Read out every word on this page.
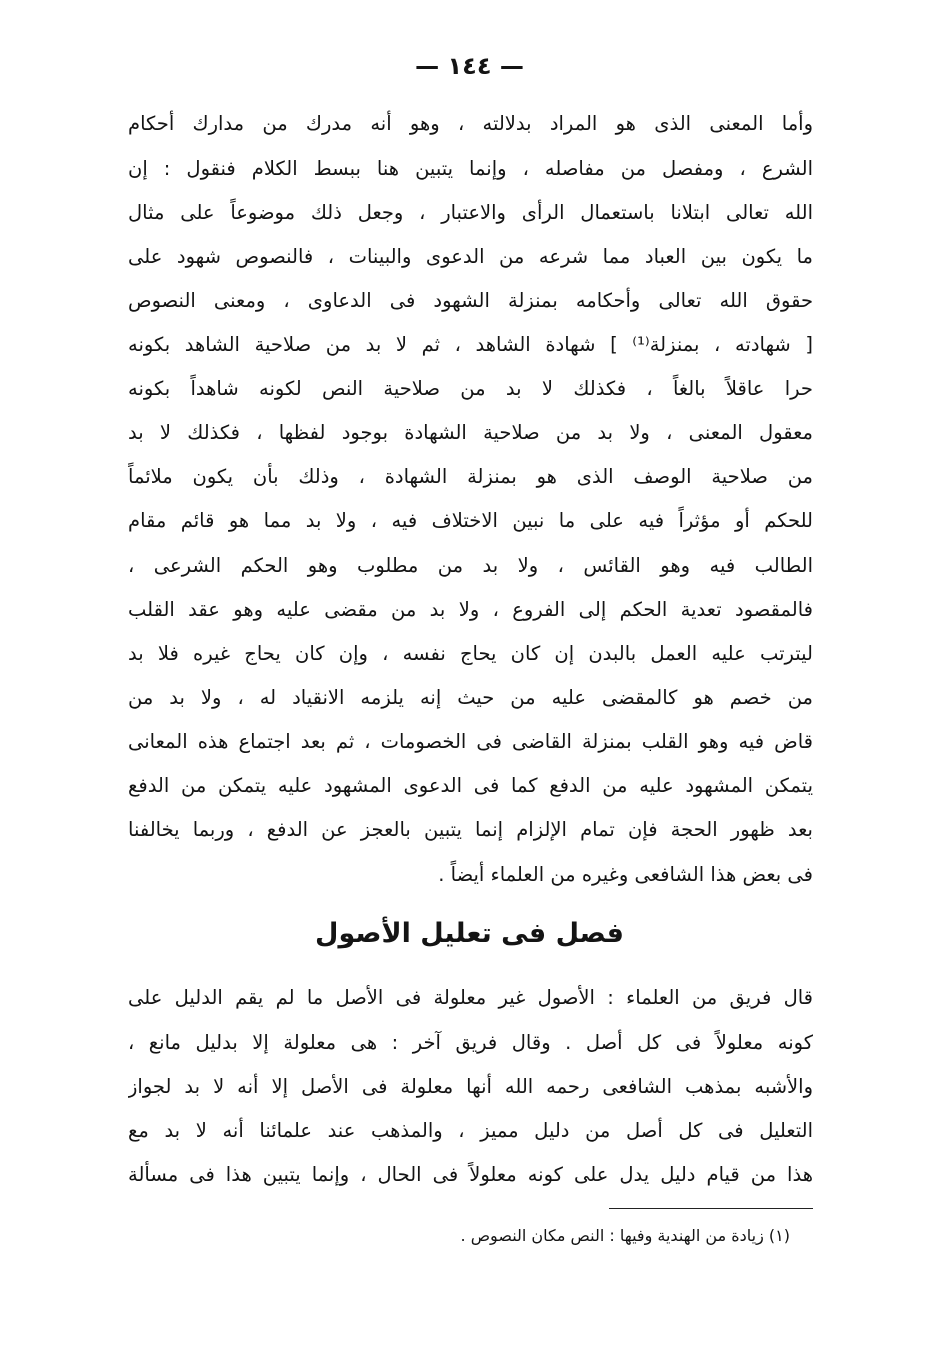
— ١٤٤ —
وأما المعنى الذى هو المراد بدلالته ، وهو أنه مدرك من مدارك أحكام
الشرع ، ومفصل من مفاصله ، وإنما يتبين هنا ببسط الكلام فنقول : إن
الله تعالى ابتلانا باستعمال الرأى والاعتبار ، وجعل ذلك موضوعاً على مثال
ما يكون بين العباد مما شرعه من الدعوى والبينات ، فالنصوص شهود على
حقوق الله تعالى وأحكامه بمنزلة الشهود فى الدعاوى ، ومعنى النصوص
[ شهادته ، بمنزلة⁽¹⁾ ] شهادة الشاهد ، ثم لا بد من صلاحية الشاهد بكونه
حرا عاقلاً بالغاً ، فكذلك لا بد من صلاحية النص لكونه شاهداً بكونه
معقول المعنى ، ولا بد من صلاحية الشهادة بوجود لفظها ، فكذلك لا بد
من صلاحية الوصف الذى هو بمنزلة الشهادة ، وذلك بأن يكون ملائماً
للحكم أو مؤثراً فيه على ما نبين الاختلاف فيه ، ولا بد مما هو قائم مقام
الطالب فيه وهو القائس ، ولا بد من مطلوب وهو الحكم الشرعى ،
فالمقصود تعدية الحكم إلى الفروع ، ولا بد من مقضى عليه وهو عقد القلب
ليترتب عليه العمل بالبدن إن كان يحاج نفسه ، وإن كان يحاج غيره فلا بد
من خصم هو كالمقضى عليه من حيث إنه يلزمه الانقياد له ، ولا بد من
قاض فيه وهو القلب بمنزلة القاضى فى الخصومات ، ثم بعد اجتماع هذه المعانى
يتمكن المشهود عليه من الدفع كما فى الدعوى المشهود عليه يتمكن من الدفع
بعد ظهور الحجة فإن تمام الإلزام إنما يتبين بالعجز عن الدفع ، وربما يخالفنا
فى بعض هذا الشافعى وغيره من العلماء أيضاً .
فصل فى تعليل الأصول
قال فريق من العلماء : الأصول غير معلولة فى الأصل ما لم يقم الدليل على
كونه معلولاً فى كل أصل . وقال فريق آخر : هى معلولة إلا بدليل مانع ،
والأشبه بمذهب الشافعى رحمه الله أنها معلولة فى الأصل إلا أنه لا بد لجواز
التعليل فى كل أصل من دليل مميز ، والمذهب عند علمائنا أنه لا بد مع
هذا من قيام دليل يدل على كونه معلولاً فى الحال ، وإنما يتبين هذا فى مسألة
(١) زيادة من الهندية وفيها : النص مكان النصوص .
